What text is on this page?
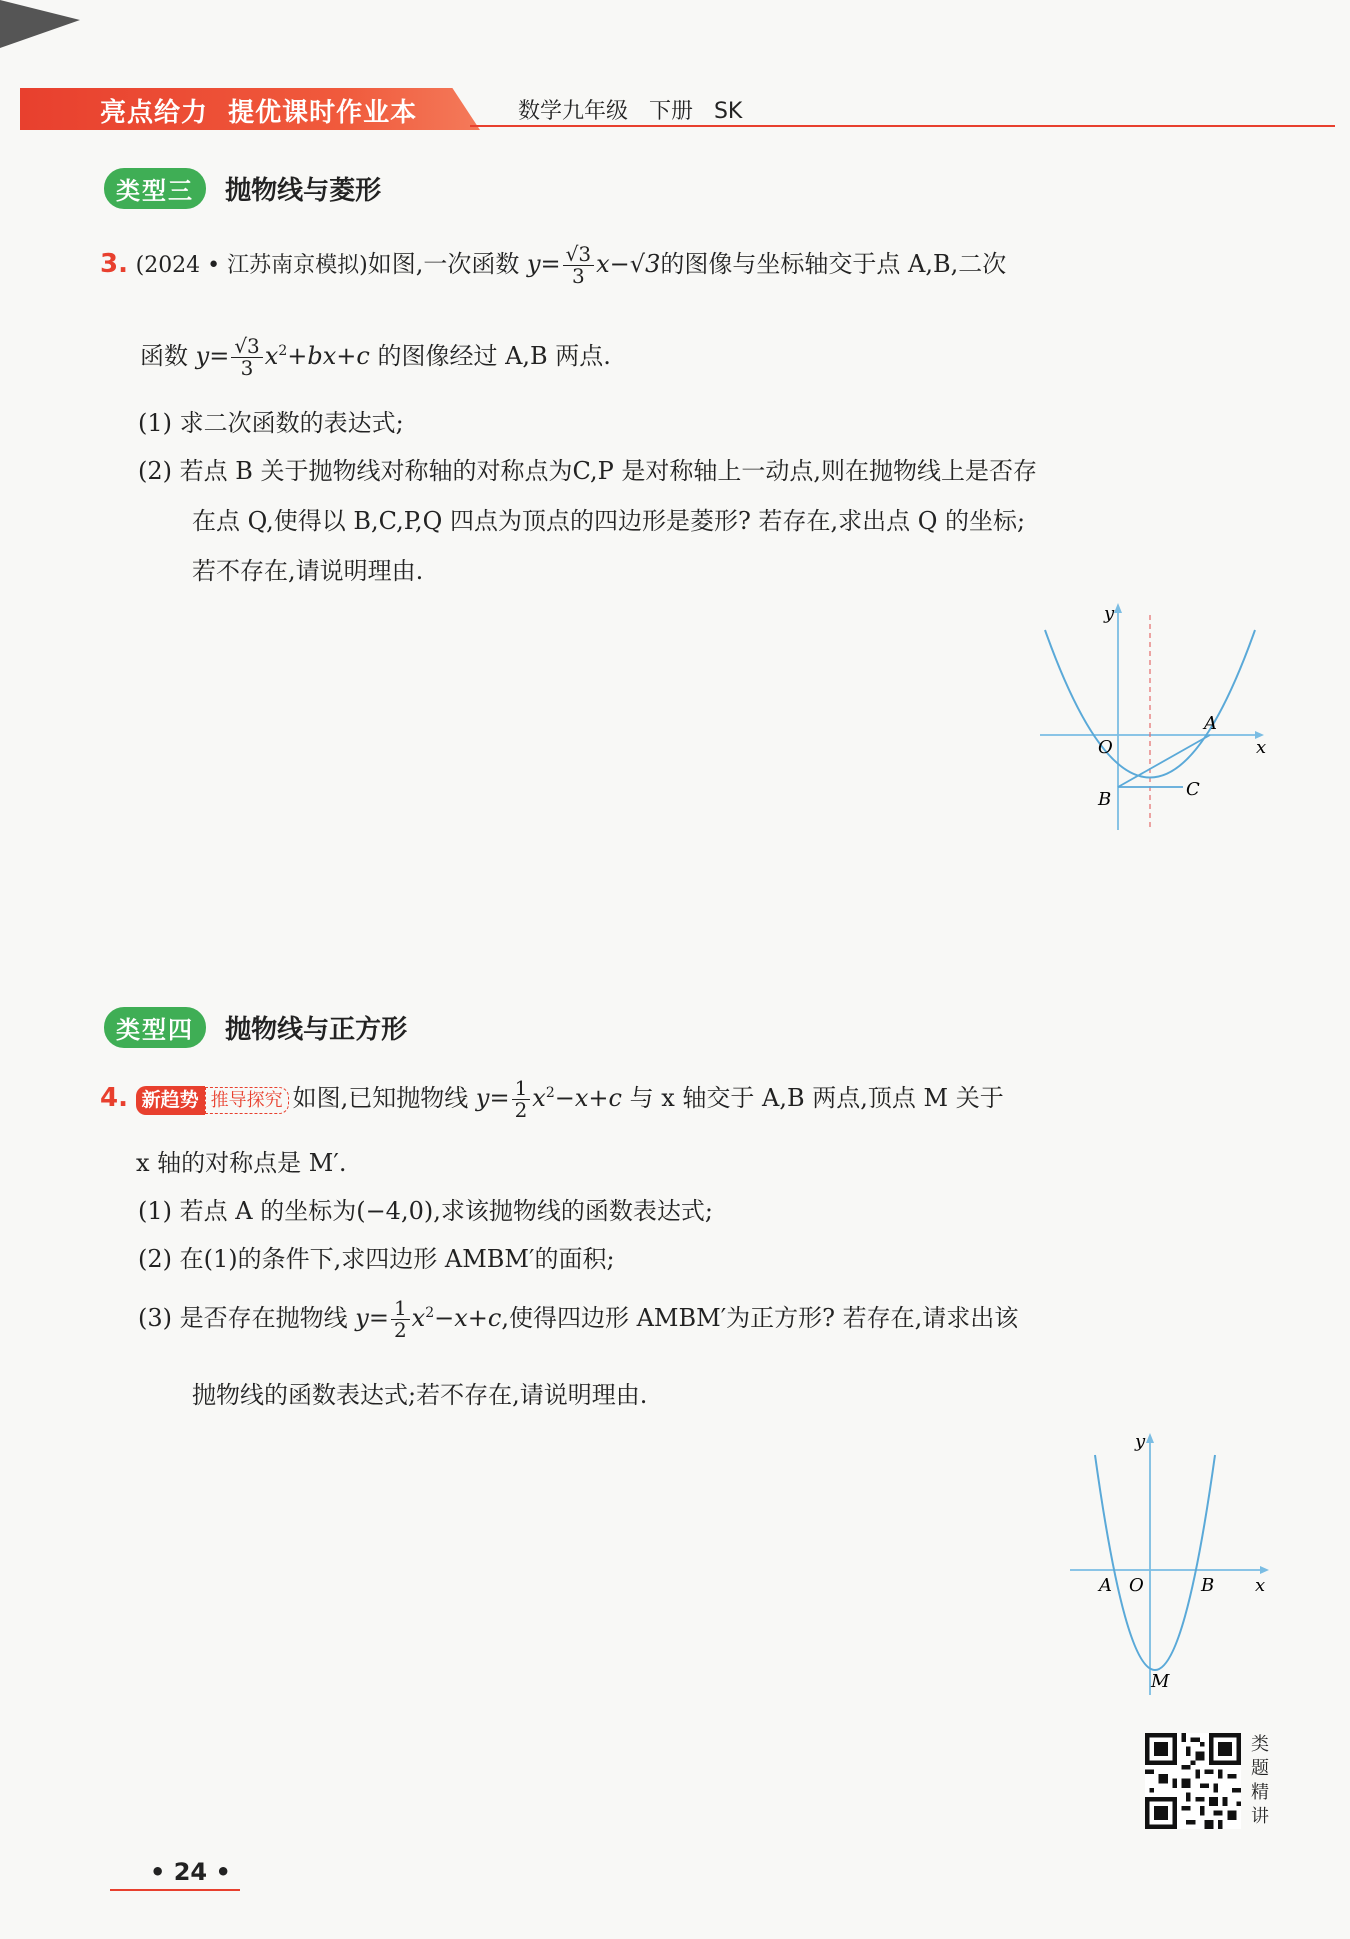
亮点给力  提优课时作业本	数学九年级   下册   SK
类型三 抛物线与菱形
3. (2024 • 江苏南京模拟)如图,一次函数 $y= \frac{√3}{3} x-√3$的图像与坐标轴交于点 A,B,二次
函数 $y= \frac{√3}{3} x^2+bx+c$ 的图像经过 A,B 两点.
(1) 求二次函数的表达式;
(2) 若点 B 关于抛物线对称轴的对称点为C,P 是对称轴上一动点,则在抛物线上是否存
在点 Q,使得以 B,C,P,Q 四点为顶点的四边形是菱形? 若存在,求出点 Q 的坐标;
若不存在,请说明理由.
y
x
O
A
B	C
类型四 抛物线与正方形
4. 新趋势 推导探究 如图,已知抛物线 $y= \frac{1}{2} x^2-x+c$ 与 x 轴交于 A,B 两点,顶点 M 关于
x 轴的对称点是 M′.
(1) 若点 A 的坐标为(−4,0),求该抛物线的函数表达式;
(2) 在(1)的条件下,求四边形 AMBM′的面积;
(3) 是否存在抛物线 $y= \frac{1}{2} x^2-x+c$,使得四边形 AMBM′为正方形? 若存在,请求出该
抛物线的函数表达式;若不存在,请说明理由.
y
x
A O	B
M
类题精讲
• 24 •
